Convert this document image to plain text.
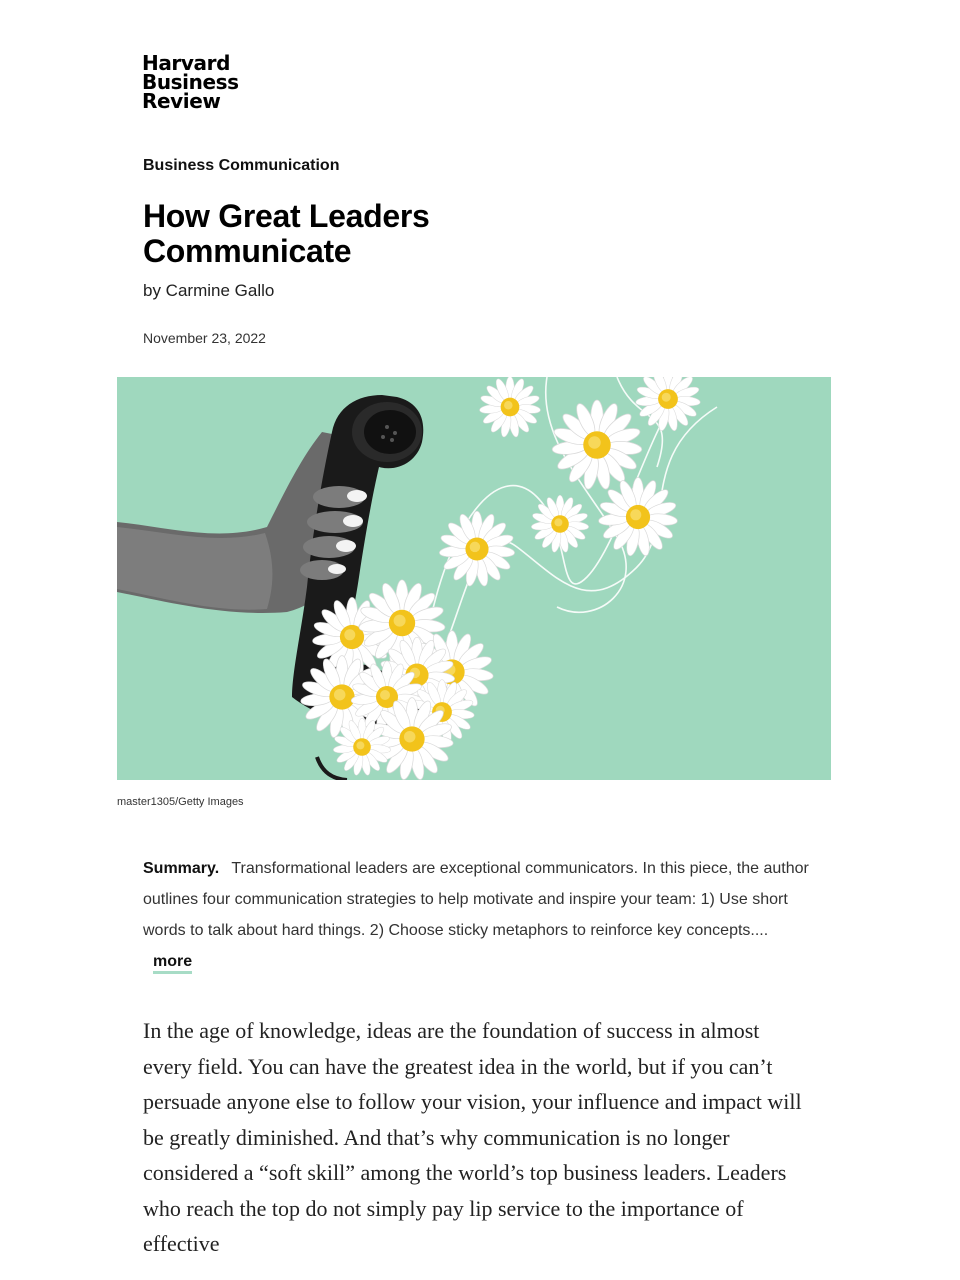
Harvard
Business
Review
Business Communication
How Great Leaders Communicate
by Carmine Gallo
November 23, 2022
master1305/Getty Images
Summary. Transformational leaders are exceptional communicators. In this piece, the author outlines four communication strategies to help motivate and inspire your team: 1) Use short words to talk about hard things. 2) Choose sticky metaphors to reinforce key concepts.... more

In the age of knowledge, ideas are the foundation of success in almost every field. You can have the greatest idea in the world, but if you can’t persuade anyone else to follow your vision, your influence and impact will be greatly diminished. And that’s why communication is no longer considered a “soft skill” among the world’s top business leaders. Leaders who reach the top do not simply pay lip service to the importance of effective
